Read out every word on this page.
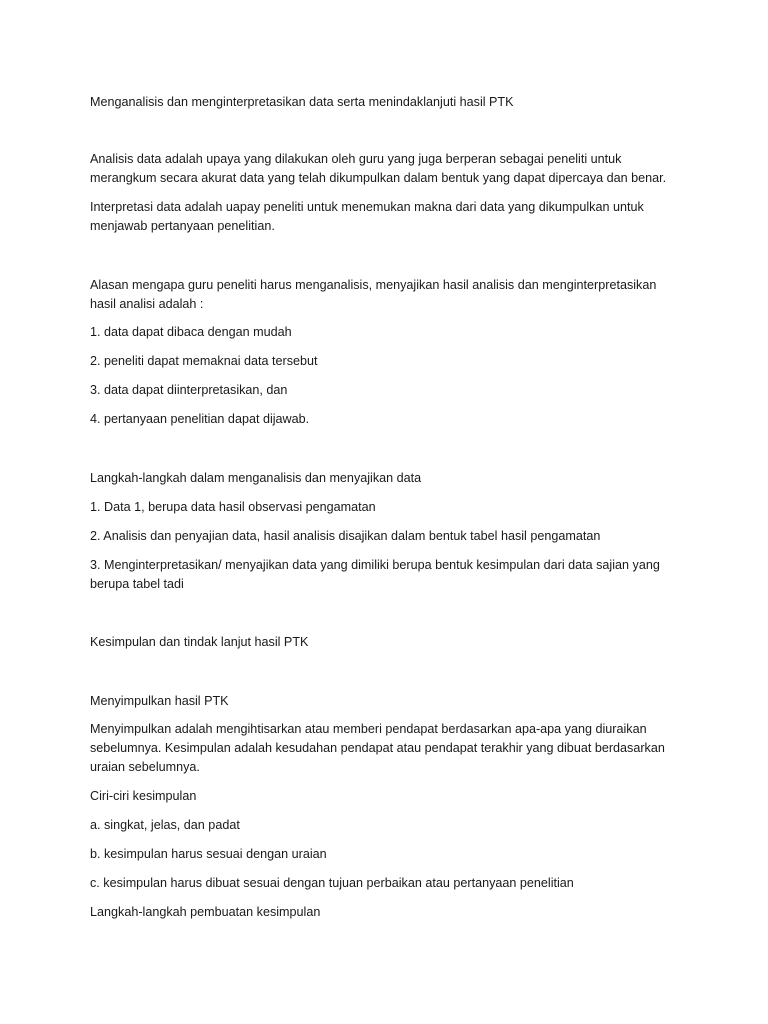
Menganalisis dan menginterpretasikan data serta menindaklanjuti hasil PTK
Analisis data adalah upaya yang dilakukan oleh guru yang juga berperan sebagai peneliti untuk merangkum secara akurat data yang telah dikumpulkan dalam bentuk yang dapat dipercaya dan benar.
Interpretasi data adalah uapay peneliti untuk menemukan makna dari data yang dikumpulkan untuk menjawab pertanyaan penelitian.
Alasan mengapa guru peneliti harus menganalisis, menyajikan hasil analisis dan menginterpretasikan hasil analisi adalah :
1. data dapat dibaca dengan mudah
2. peneliti dapat memaknai data tersebut
3. data dapat diinterpretasikan, dan
4. pertanyaan penelitian dapat dijawab.
Langkah-langkah dalam menganalisis dan menyajikan data
1. Data 1, berupa data hasil observasi pengamatan
2. Analisis dan penyajian data, hasil analisis disajikan dalam bentuk tabel hasil pengamatan
3. Menginterpretasikan/ menyajikan data yang dimiliki berupa bentuk kesimpulan dari data sajian yang berupa tabel tadi
Kesimpulan dan tindak lanjut hasil PTK
Menyimpulkan hasil PTK
Menyimpulkan adalah mengihtisarkan atau memberi pendapat berdasarkan apa-apa yang diuraikan sebelumnya. Kesimpulan adalah kesudahan pendapat atau pendapat terakhir yang dibuat berdasarkan uraian sebelumnya.
Ciri-ciri kesimpulan
a. singkat, jelas, dan padat
b. kesimpulan harus sesuai dengan uraian
c. kesimpulan harus dibuat sesuai dengan tujuan perbaikan atau pertanyaan penelitian
Langkah-langkah pembuatan kesimpulan
